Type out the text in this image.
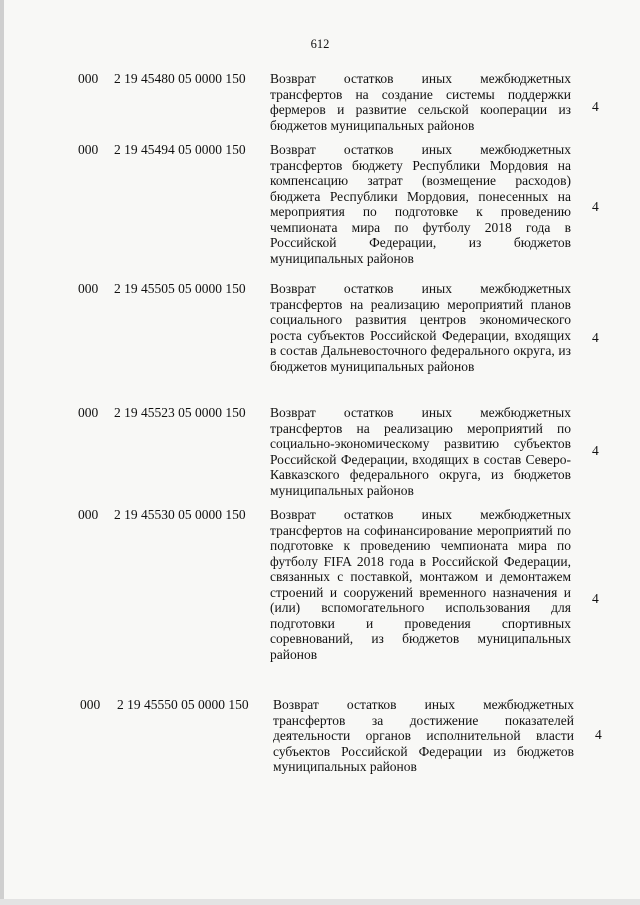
612
000 2 19 45480 05 0000 150 Возврат остатков иных межбюджетных трансфертов на создание системы поддержки фермеров и развитие сельской кооперации из бюджетов муниципальных районов
4
000 2 19 45494 05 0000 150 Возврат остатков иных межбюджетных трансфертов бюджету Республики Мордовия на компенсацию затрат (возмещение расходов) бюджета Республики Мордовия, понесенных на мероприятия по подготовке к проведению чемпионата мира по футболу 2018 года в Российской Федерации, из бюджетов муниципальных районов
4
000 2 19 45505 05 0000 150 Возврат остатков иных межбюджетных трансфертов на реализацию мероприятий планов социального развития центров экономического роста субъектов Российской Федерации, входящих в состав Дальневосточного федерального округа, из бюджетов муниципальных районов
4
000 2 19 45523 05 0000 150 Возврат остатков иных межбюджетных трансфертов на реализацию мероприятий по социально-экономическому развитию субъектов Российской Федерации, входящих в состав Северо-Кавказского федерального округа, из бюджетов муниципальных районов
4
000 2 19 45530 05 0000 150 Возврат остатков иных межбюджетных трансфертов на софинансирование мероприятий по подготовке к проведению чемпионата мира по футболу FIFA 2018 года в Российской Федерации, связанных с поставкой, монтажом и демонтажем строений и сооружений временного назначения и (или) вспомогательного использования для подготовки и проведения спортивных соревнований, из бюджетов муниципальных районов
4
000 2 19 45550 05 0000 150 Возврат остатков иных межбюджетных трансфертов за достижение показателей деятельности органов исполнительной власти субъектов Российской Федерации из бюджетов муниципальных районов
4
